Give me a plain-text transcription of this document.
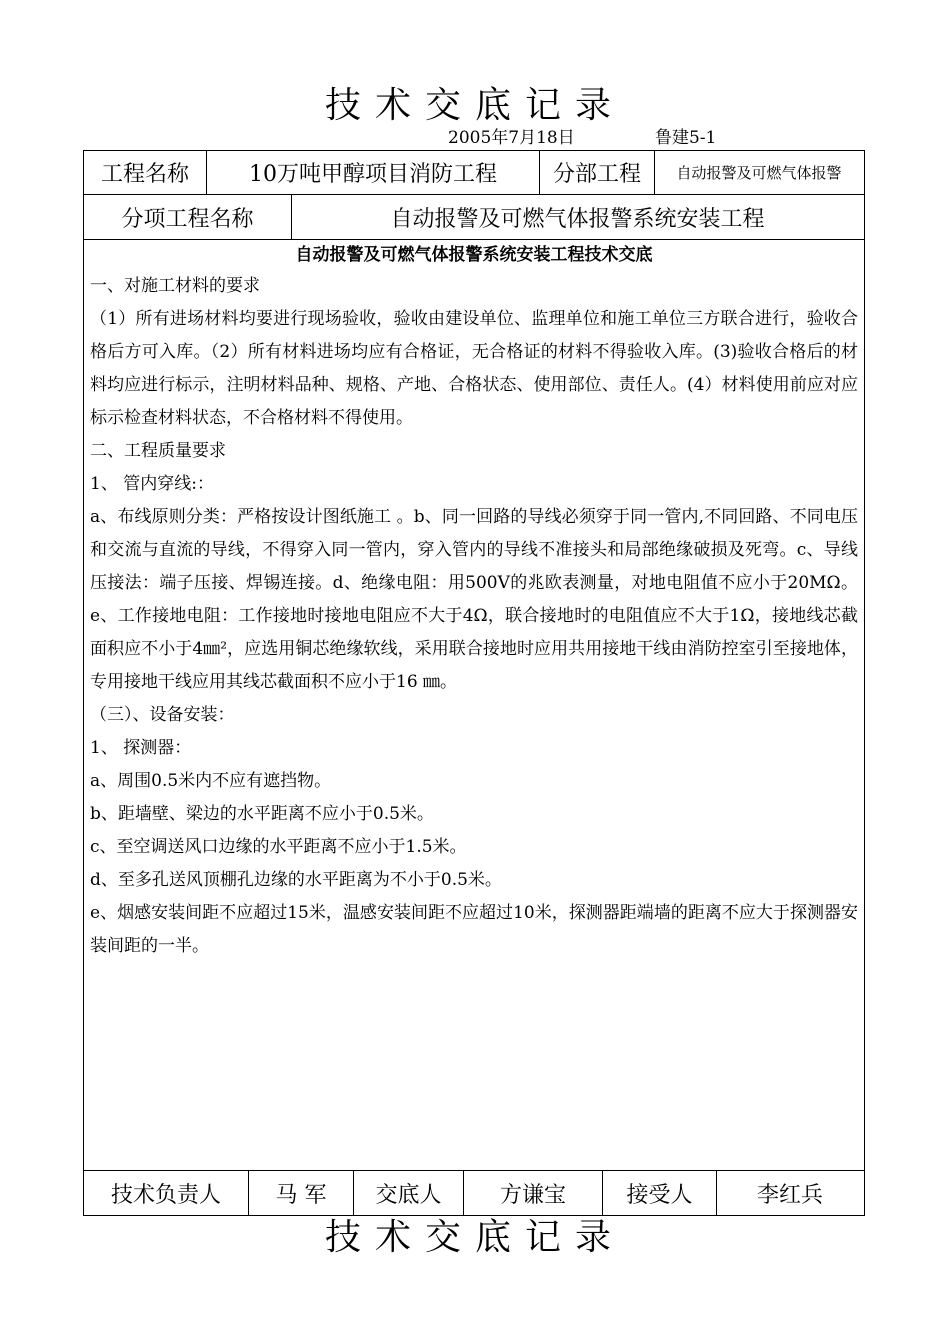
技术交底记录
2005年7月18日	鲁建5-1
工程名称	10万吨甲醇项目消防工程	分部工程	自动报警及可燃气体报警
分项工程名称	自动报警及可燃气体报警系统安装工程
自动报警及可燃气体报警系统安装工程技术交底

一、对施工材料的要求

（1）所有进场材料均要进行现场验收，验收由建设单位、监理单位和施工单位三方联合进行，验收合格后方可入库。（2）所有材料进场均应有合格证，无合格证的材料不得验收入库。(3)验收合格后的材料均应进行标示，注明材料品种、规格、产地、合格状态、使用部位、责任人。(4）材料使用前应对应标示检查材料状态，不合格材料不得使用。

二、工程质量要求

1、 管内穿线:：

a、布线原则分类：严格按设计图纸施工 。b、同一回路的导线必须穿于同一管内,不同回路、不同电压和交流与直流的导线，不得穿入同一管内，穿入管内的导线不准接头和局部绝缘破损及死弯。c、导线压接法：端子压接、焊锡连接。d、绝缘电阻：用500V的兆欧表测量，对地电阻值不应小于20MΩ。e、工作接地电阻：工作接地时接地电阻应不大于4Ω，联合接地时的电阻值应不大于1Ω，接地线芯截面积应不小于4㎜²，应选用铜芯绝缘软线，采用联合接地时应用共用接地干线由消防控室引至接地体，专用接地干线应用其线芯截面积不应小于16 ㎜。

（三）、设备安装：

1、 探测器：

a、周围0.5米内不应有遮挡物。

b、距墙壁、梁边的水平距离不应小于0.5米。

c、至空调送风口边缘的水平距离不应小于1.5米。

d、至多孔送风顶棚孔边缘的水平距离为不小于0.5米。

e、烟感安装间距不应超过15米，温感安装间距不应超过10米，探测器距端墙的距离不应大于探测器安装间距的一半。

技术负责人	马 军	交底人	方谦宝	接受人	李红兵
技术交底记录
